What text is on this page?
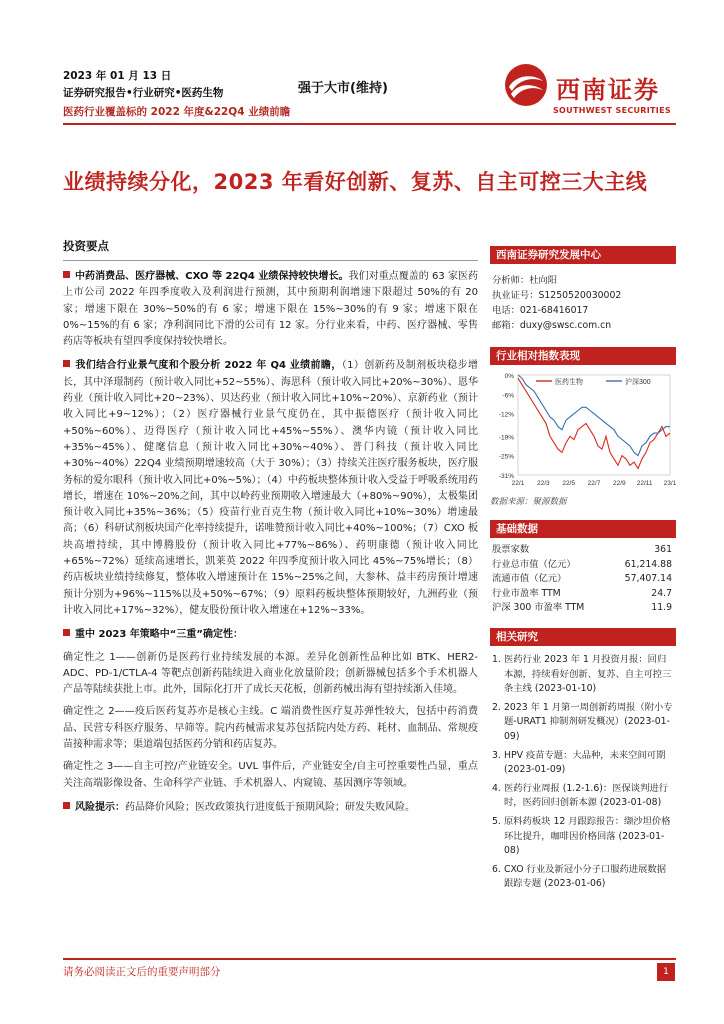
2023 年 01 月 13 日
证券研究报告•行业研究•医药生物
医药行业覆盖标的 2022 年度&22Q4 业绩前瞻
强于大市(维持)	西南证券
SOUTHWEST SECURITIES
业绩持续分化，2023 年看好创新、复苏、自主可控三大主线
投资要点
中药消费品、医疗器械、CXO 等 22Q4 业绩保持较快增长。我们对重点覆盖的 63 家医药上市公司 2022 年四季度收入及利润进行预测，其中预期利润增速下限超过 50%的有 20 家；增速下限在 30%~50%的有 6 家；增速下限在 15%~30%的有 9 家；增速下限在 0%~15%的有 6 家；净利润同比下滑的公司有 12 家。分行业来看，中药、医疗器械、零售药店等板块有望四季度保持较快增长。
我们结合行业景气度和个股分析 2022 年 Q4 业绩前瞻，（1）创新药及制剂板块稳步增长，其中泽璟制药（预计收入同比+52~55%）、海思科（预计收入同比+20%~30%）、恩华药业（预计收入同比+20~23%）、贝达药业（预计收入同比+10%~20%）、京新药业（预计收入同比+9~12%）；（2）医疗器械行业景气度仍在，其中振德医疗（预计收入同比+50%~60%）、迈得医疗（预计收入同比+45%~55%）、澳华内镜（预计收入同比+35%~45%）、健麾信息（预计收入同比+30%~40%）、普门科技（预计收入同比+30%~40%）22Q4 业绩预期增速较高（大于 30%）；（3）持续关注医疗服务板块，医疗服务标的爱尔眼科（预计收入同比+0%~5%）；（4）中药板块整体预计收入受益于呼吸系统用药增长，增速在 10%~20%之间，其中以岭药业预期收入增速最大（+80%~90%），太极集团预计收入同比+35%~36%；（5）疫苗行业百克生物（预计收入同比+10%~30%）增速最高；（6）科研试剂板块国产化率持续提升，诺唯赞预计收入同比+40%~100%；（7）CXO 板块高增持续，其中博腾股份（预计收入同比+77%~86%）、药明康德（预计收入同比+65%~72%）延续高速增长，凯莱英 2022 年四季度预计收入同比 45%~75%增长；（8）药店板块业绩持续修复，整体收入增速预计在 15%~25%之间，大参林、益丰药房预计增速预计分别为+96%~115%以及+50%~67%；（9）原料药板块整体预期较好，九洲药业（预计收入同比+17%~32%），健友股份预计收入增速在+12%~33%。
重中 2023 年策略中“三重”确定性：
确定性之 1——创新仍是医药行业持续发展的本源。差异化创新性品种比如 BTK、HER2-ADC、PD-1/CTLA-4 等靶点创新药陆续进入商业化放量阶段；创新器械包括多个手术机器人产品等陆续获批上市。此外，国际化打开了成长天花板，创新药械出海有望持续渐入佳境。
确定性之 2——疫后医药复苏亦是核心主线。C 端消费性医疗复苏弹性较大，包括中药消费品、民营专科医疗服务、早筛等。院内药械需求复苏包括院内处方药、耗材、血制品、常规疫苗接种需求等；渠道端包括医药分销和药店复苏。
确定性之 3——自主可控/产业链安全。UVL 事件后，产业链安全/自主可控重要性凸显，重点关注高端影像设备、生命科学产业链、手术机器人、内窥镜、基因测序等领域。
风险提示：药品降价风险；医改政策执行进度低于预期风险；研发失败风险。
西南证券研究发展中心
分析师：杜向阳
执业证号：S1250520030002
电话：021-68416017
邮箱：duxy@swsc.com.cn
行业相对指数表现
0%
-6%
-12%
-19%
-25%
-31%
22/1 22/3 22/5 22/7 22/9 22/11 23/1
医药生物	沪深300
数据来源：聚源数据
基础数据
股票家数	361
行业总市值（亿元）	61,214.88
流通市值（亿元）	57,407.14
行业市盈率 TTM	24.7
沪深 300 市盈率 TTM	11.9
相关研究
1. 医药行业 2023 年 1 月投资月报：回归本源，持续看好创新、复苏、自主可控三条主线 (2023-01-10)
2. 2023 年 1 月第一周创新药周报（附小专题-URAT1 抑制剂研发概况）(2023-01-09)
3. HPV 疫苗专题：大品种，未来空间可期 (2023-01-09)
4. 医药行业周报 (1.2-1.6)：医保谈判进行时，医药回归创新本源 (2023-01-08)
5. 原料药板块 12 月跟踪报告：缬沙坦价格环比提升，咖啡因价格回落 (2023-01-08)
6. CXO 行业及新冠小分子口服药进展数据跟踪专题 (2023-01-06)
请务必阅读正文后的重要声明部分	1
